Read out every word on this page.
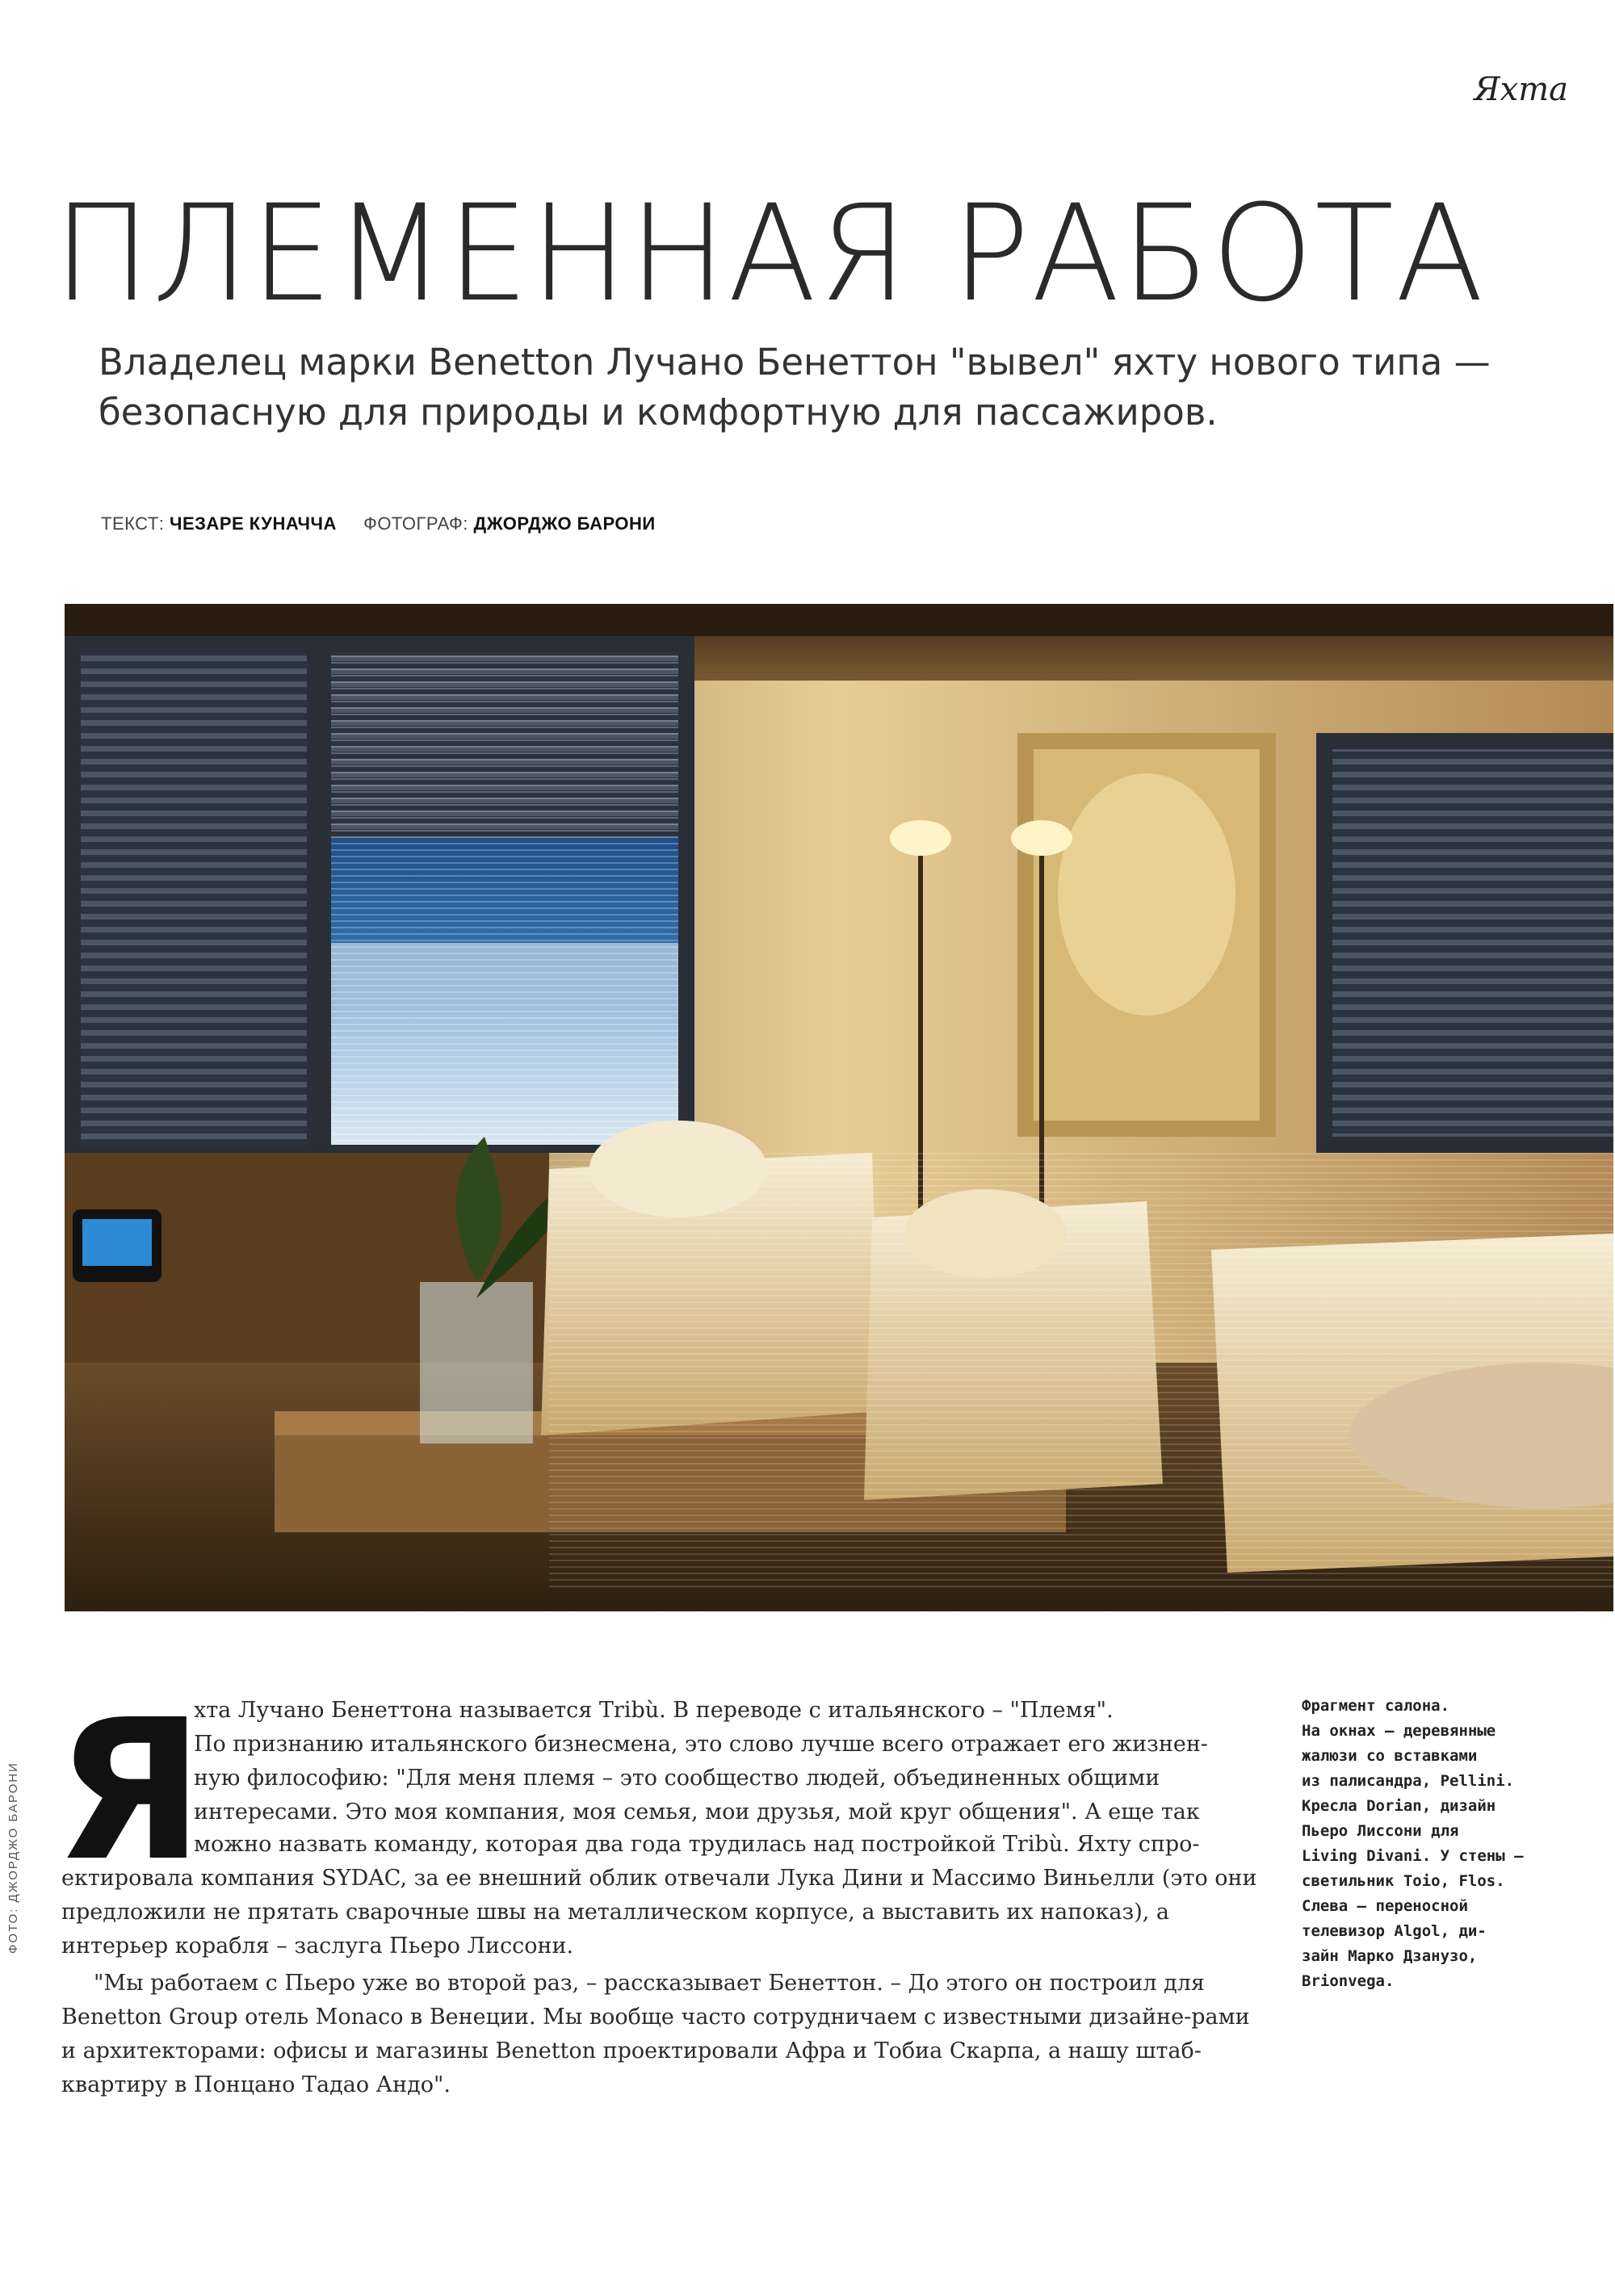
Яхта
ПЛЕМЕННАЯ РАБОТА
Владелец марки Benetton Лучано Бенеттон "вывел" яхту нового типа — безопасную для природы и комфортную для пассажиров.
ТЕКСТ: ЧЕЗАРЕ КУНАЧЧА ФОТОГРАФ: ДЖОРДЖО БАРОНИ
ФОТО: ДЖОРДЖО БАРОНИ Я

хта Лучано Бенеттона называется Tribù. В переводе с итальянского – "Племя".

По признанию итальянского бизнесмена, это слово лучше всего отражает его жизнен-

ную философию: "Для меня племя – это сообщество людей, объединенных общими

интересами. Это моя компания, моя семья, мои друзья, мой круг общения". А еще так

можно назвать команду, которая два года трудилась над постройкой Tribù. Яхту спро-

ектировала компания SYDAC, за ее внешний облик отвечали Лука Дини и Массимо Виньелли (это они предложили не прятать сварочные швы на металлическом корпусе, а выставить их напоказ), а интерьер корабля – заслуга Пьеро Лиссони.

"Мы работаем с Пьеро уже во второй раз, – рассказывает Бенеттон. – До этого он построил для Benetton Group отель Monaco в Венеции. Мы вообще часто сотрудничаем с известными дизайне-рами и архитекторами: офисы и магазины Benetton проектировали Афра и Тобиа Скарпа, а нашу штаб-квартиру в Понцано Тадао Андо".

Фрагмент салона.

На окнах – деревянные

жалюзи со вставками

из палисандра, Pellini.

Кресла Dorian, дизайн

Пьеро Лиссони для

Living Divani. У стены –

светильник Toio, Flos.

Слева – переносной

телевизор Algol, ди-

зайн Марко Дзанузо,

Brionvega.
